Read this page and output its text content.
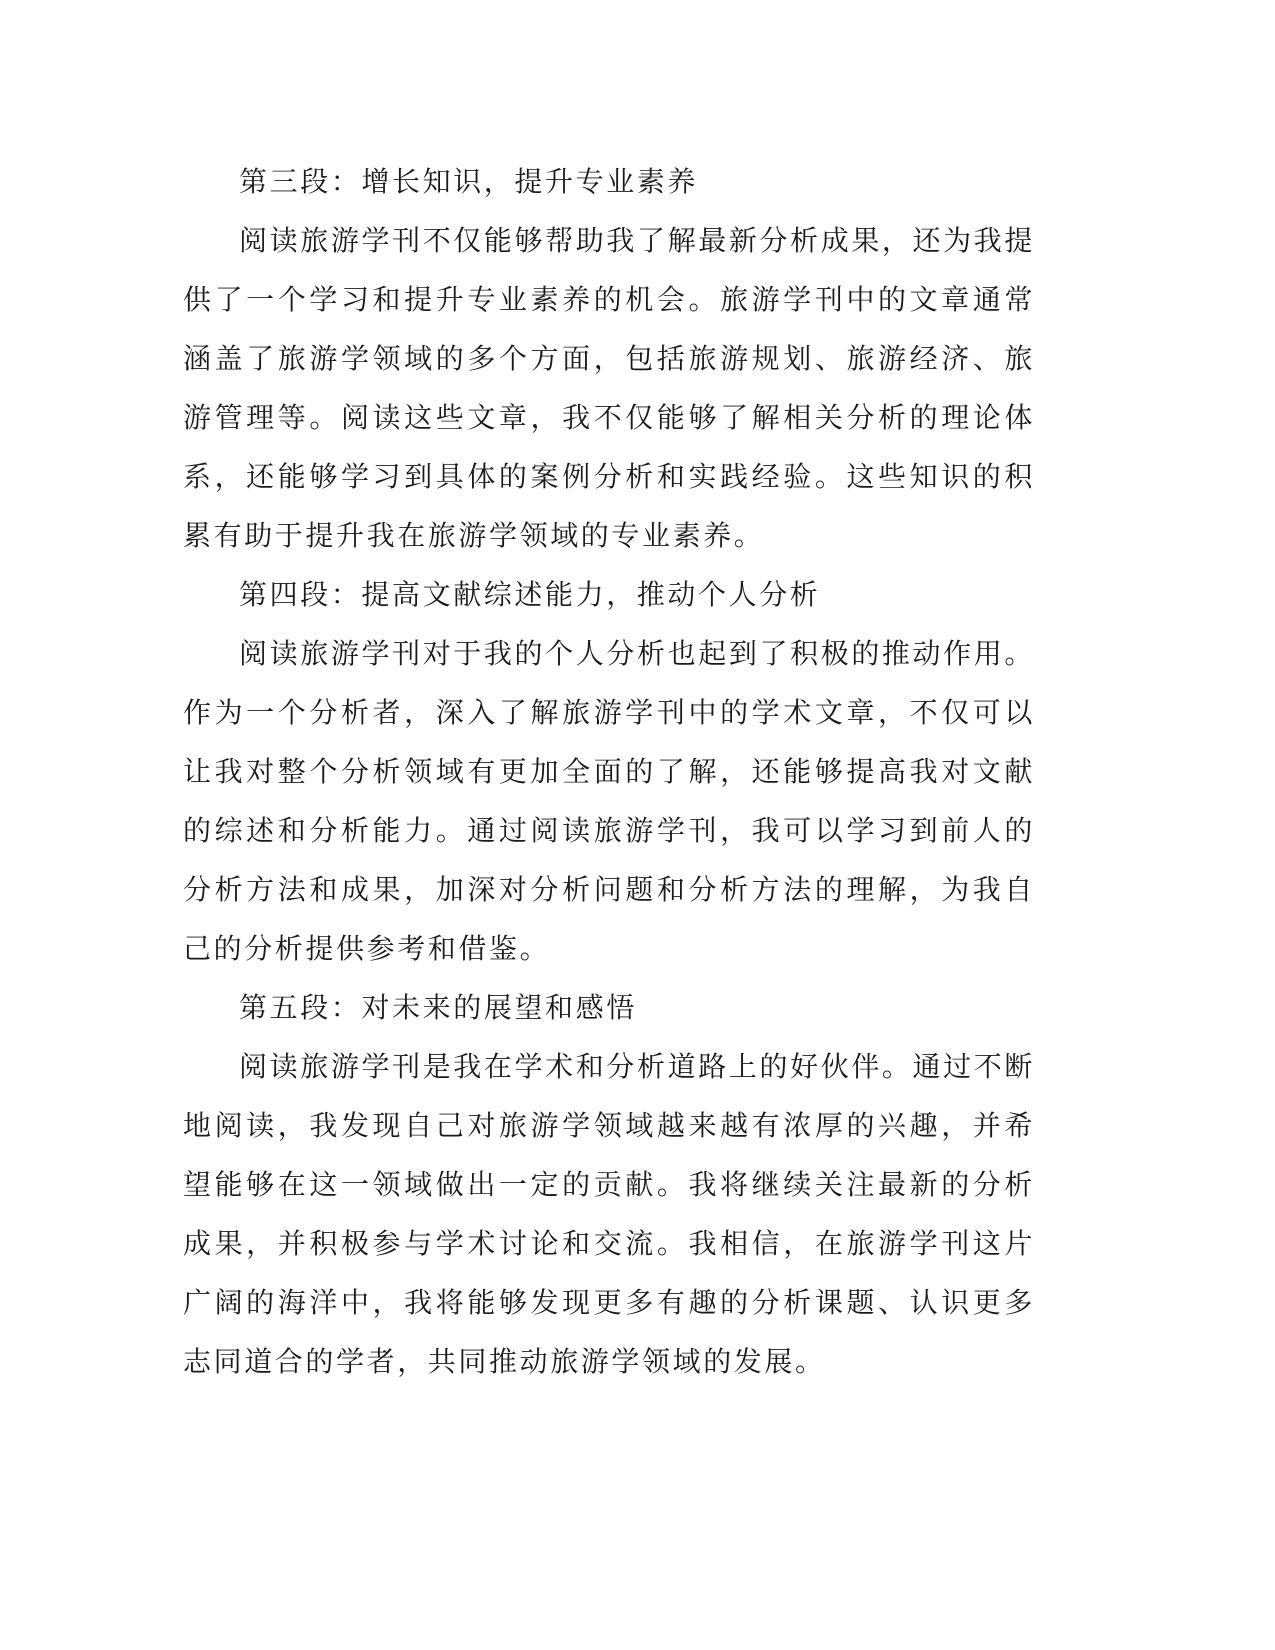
第三段：增长知识，提升专业素养

阅读旅游学刊不仅能够帮助我了解最新分析成果，还为我提供了一个学习和提升专业素养的机会。旅游学刊中的文章通常涵盖了旅游学领域的多个方面，包括旅游规划、旅游经济、旅游管理等。阅读这些文章，我不仅能够了解相关分析的理论体系，还能够学习到具体的案例分析和实践经验。这些知识的积累有助于提升我在旅游学领域的专业素养。

第四段：提高文献综述能力，推动个人分析

阅读旅游学刊对于我的个人分析也起到了积极的推动作用。作为一个分析者，深入了解旅游学刊中的学术文章，不仅可以让我对整个分析领域有更加全面的了解，还能够提高我对文献的综述和分析能力。通过阅读旅游学刊，我可以学习到前人的分析方法和成果，加深对分析问题和分析方法的理解，为我自己的分析提供参考和借鉴。

第五段：对未来的展望和感悟

阅读旅游学刊是我在学术和分析道路上的好伙伴。通过不断地阅读，我发现自己对旅游学领域越来越有浓厚的兴趣，并希望能够在这一领域做出一定的贡献。我将继续关注最新的分析成果，并积极参与学术讨论和交流。我相信，在旅游学刊这片广阔的海洋中，我将能够发现更多有趣的分析课题、认识更多志同道合的学者，共同推动旅游学领域的发展。
